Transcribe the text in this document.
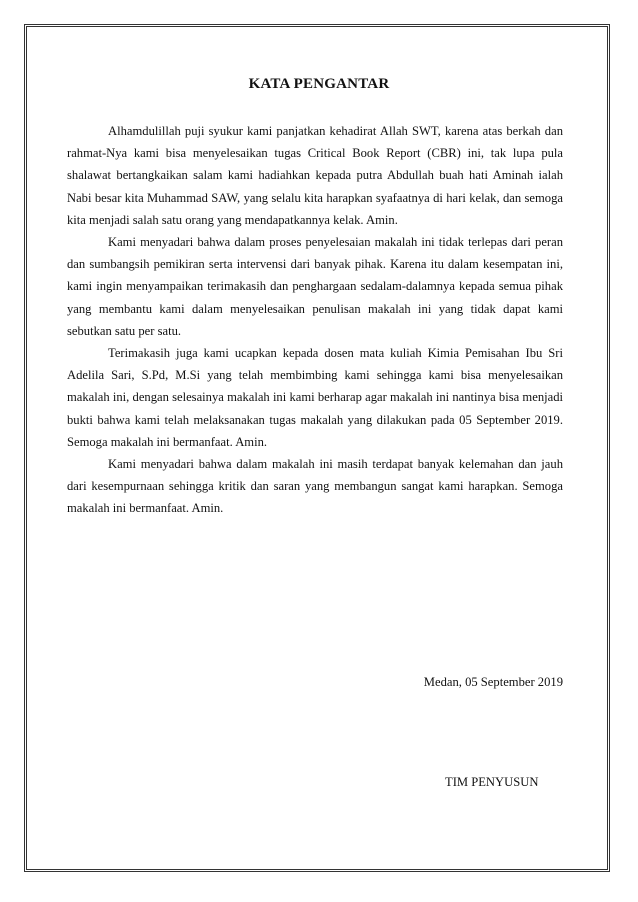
KATA PENGANTAR

Alhamdulillah puji syukur kami panjatkan kehadirat Allah SWT, karena atas berkah dan rahmat-Nya kami bisa menyelesaikan tugas Critical Book Report (CBR) ini, tak lupa pula shalawat bertangkaikan salam kami hadiahkan kepada putra Abdullah buah hati Aminah ialah Nabi besar kita Muhammad SAW, yang selalu kita harapkan syafaatnya di hari kelak, dan semoga kita menjadi salah satu orang yang mendapatkannya kelak. Amin.

Kami menyadari bahwa dalam proses penyelesaian makalah ini tidak terlepas dari peran dan sumbangsih pemikiran serta intervensi dari banyak pihak. Karena itu dalam kesempatan ini, kami ingin menyampaikan terimakasih dan penghargaan sedalam-dalamnya kepada semua pihak yang membantu kami dalam menyelesaikan penulisan makalah ini yang tidak dapat kami sebutkan satu per satu.

Terimakasih juga kami ucapkan kepada dosen mata kuliah Kimia Pemisahan Ibu Sri Adelila Sari, S.Pd, M.Si yang telah membimbing kami sehingga kami bisa menyelesaikan makalah ini, dengan selesainya makalah ini kami berharap agar makalah ini nantinya bisa menjadi bukti bahwa kami telah melaksanakan tugas makalah yang dilakukan pada 05 September 2019. Semoga makalah ini bermanfaat. Amin.

Kami menyadari bahwa dalam makalah ini masih terdapat banyak kelemahan dan jauh dari kesempurnaan sehingga kritik dan saran yang membangun sangat kami harapkan. Semoga makalah ini bermanfaat. Amin.

Medan, 05 September 2019
TIM PENYUSUN
